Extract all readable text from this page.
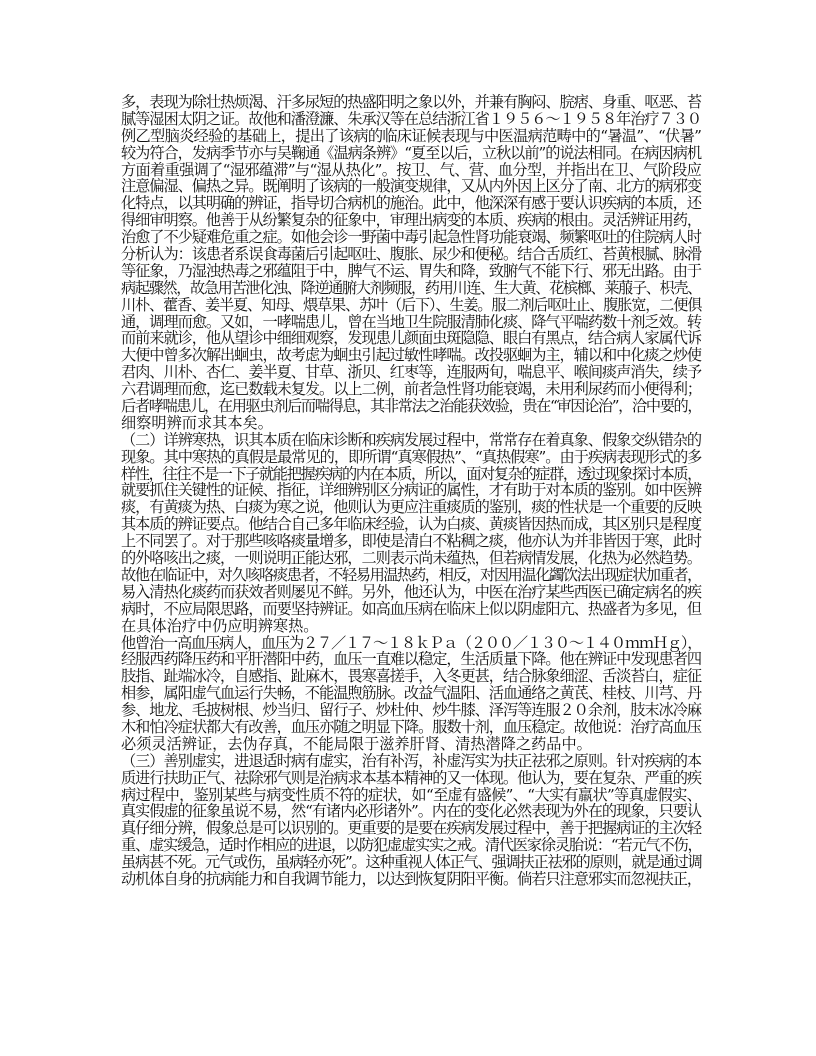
多，表现为除壮热烦渴、汗多尿短的热盛阳明之象以外，并兼有胸闷、脘痞、身重、呕恶、苔
腻等湿困太阴之证。故他和潘澄濂、朱承汉等在总结浙江省１９５６～１９５８年治疗７３０
例乙型脑炎经验的基础上，提出了该病的临床证候表现与中医温病范畴中的“暑温”、“伏暑”
较为符合，发病季节亦与吴鞠通《温病条辨》“夏至以后，立秋以前”的说法相同。在病因病机
方面着重强调了“湿邪蕴滞”与“湿从热化”。按卫、气、营、血分型，并指出在卫、气阶段应
注意偏湿、偏热之异。既阐明了该病的一般演变规律，又从内外因上区分了南、北方的病邪变
化特点，以其明确的辨证，指导切合病机的施治。此中，他深深有感于要认识疾病的本质，还
得细审明察。他善于从纷繁复杂的征象中，审理出病变的本质、疾病的根由。灵活辨证用药，
治愈了不少疑难危重之症。如他会诊一野菌中毒引起急性肾功能衰竭、频繁呕吐的住院病人时
分析认为：该患者系误食毒菌后引起呕吐、腹胀、尿少和便秘。结合舌质红、苔黄根腻、脉滑
等征象，乃湿浊热毒之邪蕴阻于中，脾气不运、胃失和降，致腑气不能下行、邪无出路。由于
病起骤然，故急用苦泄化浊、降逆通腑大剂频服，药用川连、生大黄、花槟榔、莱菔子、枳壳、
川朴、藿香、姜半夏、知母、煨草果、苏叶（后下）、生姜。服二剂后呕吐止、腹胀宽，二便俱
通，调理而愈。又如，一哮喘患儿，曾在当地卫生院服清肺化痰、降气平喘药数十剂乏效。转
而前来就诊，他从望诊中细细观察，发现患儿颜面虫斑隐隐、眼白有黑点，结合病人家属代诉
大便中曾多次解出蛔虫，故考虑为蛔虫引起过敏性哮喘。改投驱蛔为主，辅以和中化痰之炒使
君肉、川朴、杏仁、姜半夏、甘草、浙贝、红枣等，连服两旬，喘息平、喉间痰声消失，续予
六君调理而愈，迄已数载未复发。以上二例，前者急性肾功能衰竭，未用利尿药而小便得利；
后者哮喘患儿，在用驱虫剂后而喘得息，其非常法之治能获效验，贵在“审因论治”，洽中要的，
细察明辨而求其本矣。
（二）详辨寒热，识其本质在临床诊断和疾病发展过程中，常常存在着真象、假象交纵错杂的
现象。其中寒热的真假是最常见的，即所谓“真寒假热”、“真热假寒”。由于疾病表现形式的多
样性，往往不是一下子就能把握疾病的内在本质，所以，面对复杂的症群，透过现象探讨本质，
就要抓住关键性的证候、指征，详细辨别区分病证的属性，才有助于对本质的鉴别。如中医辨
痰，有黄痰为热、白痰为寒之说，他则认为更应注重痰质的鉴别，痰的性状是一个重要的反映
其本质的辨证要点。他结合自己多年临床经验，认为白痰、黄痰皆因热而成，其区别只是程度
上不同罢了。对于那些咳咯痰量增多，即使是清白不粘稠之痰，他亦认为并非皆因于寒，此时
的外咯咳出之痰，一则说明正能达邪，二则表示尚未蕴热，但若病情发展，化热为必然趋势。
故他在临证中，对久咳咯痰患者，不轻易用温热药，相反，对因用温化蠲饮法出现症状加重者，
易入清热化痰药而获效者则屡见不鲜。另外，他还认为，中医在治疗某些西医已确定病名的疾
病时，不应局限思路，而要坚持辨证。如高血压病在临床上似以阴虚阳亢、热盛者为多见，但
在具体治疗中仍应明辨寒热。
他曾治一高血压病人，血压为２７／１７～１８ｋＰａ（２００／１３０～１４０ｍｍＨｇ），
经服西药降压药和平肝潜阳中药，血压一直难以稳定，生活质量下降。他在辨证中发现患者四
肢指、趾端冰冷，自感指、趾麻木，畏寒喜搓手，入冬更甚，结合脉象细涩、舌淡苔白，症征
相参，属阳虚气血运行失畅，不能温煦筋脉。改益气温阳、活血通络之黄芪、桂枝、川芎、丹
参、地龙、毛披树根、炒当归、留行子、炒杜仲、炒牛膝、泽泻等连服２０余剂，肢末冰冷麻
木和怕冷症状都大有改善，血压亦随之明显下降。服数十剂，血压稳定。故他说：治疗高血压
必须灵活辨证，去伪存真，不能局限于滋养肝肾、清热潜降之药品中。
（三）善别虚实，进退适时病有虚实，治有补泻，补虚泻实为扶正祛邪之原则。针对疾病的本
质进行扶助正气、祛除邪气则是治病求本基本精神的又一体现。他认为，要在复杂、严重的疾
病过程中，鉴别某些与病变性质不符的症状，如“至虚有盛候”、“大实有羸状”等真虚假实、
真实假虚的征象虽说不易，然“有诸内必形诸外”。内在的变化必然表现为外在的现象，只要认
真仔细分辨，假象总是可以识别的。更重要的是要在疾病发展过程中，善于把握病证的主次轻
重、虚实缓急，适时作相应的进退，以防犯虚虚实实之戒。清代医家徐灵胎说：“若元气不伤，
虽病甚不死。元气或伤，虽病轻亦死”。这种重视人体正气、强调扶正祛邪的原则，就是通过调
动机体自身的抗病能力和自我调节能力，以达到恢复阴阳平衡。倘若只注意邪实而忽视扶正，
